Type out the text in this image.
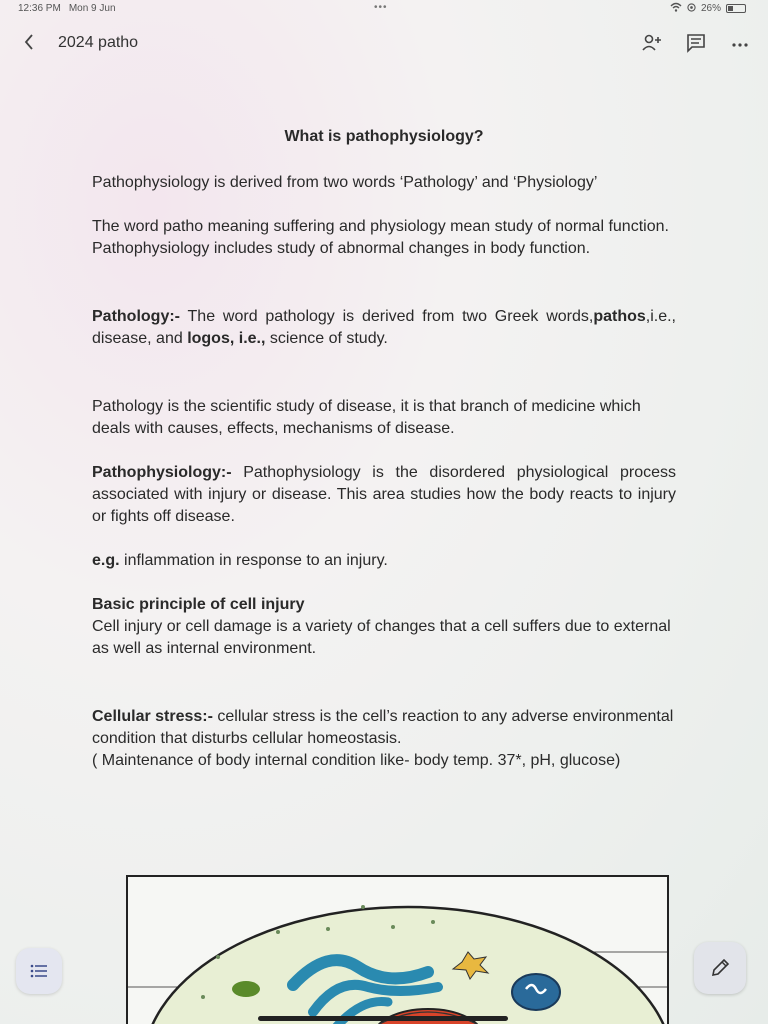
12:36 PM Mon 9 Jun	•••	26%
2024 patho
What is pathophysiology?
Pathophysiology is derived from two words ‘Pathology’ and ‘Physiology’
The word patho meaning suffering and physiology mean study of normal function.
Pathophysiology includes study of abnormal changes in body function.
Pathology:- The word pathology is derived from two Greek words,pathos,i.e., disease, and logos, i.e., science of study.
Pathology is the scientific study of disease, it is that branch of medicine which deals with causes, effects, mechanisms of disease.
Pathophysiology:- Pathophysiology is the disordered physiological process associated with injury or disease. This area studies how the body reacts to injury or fights off disease.
e.g. inflammation in response to an injury.
Basic principle of cell injury
Cell injury or cell damage is a variety of changes that a cell suffers due to external as well as internal environment.
Cellular stress:- cellular stress is the cell’s reaction to any adverse environmental condition that disturbs cellular homeostasis.
( Maintenance of body internal condition like- body temp. 37*, pH, glucose)
